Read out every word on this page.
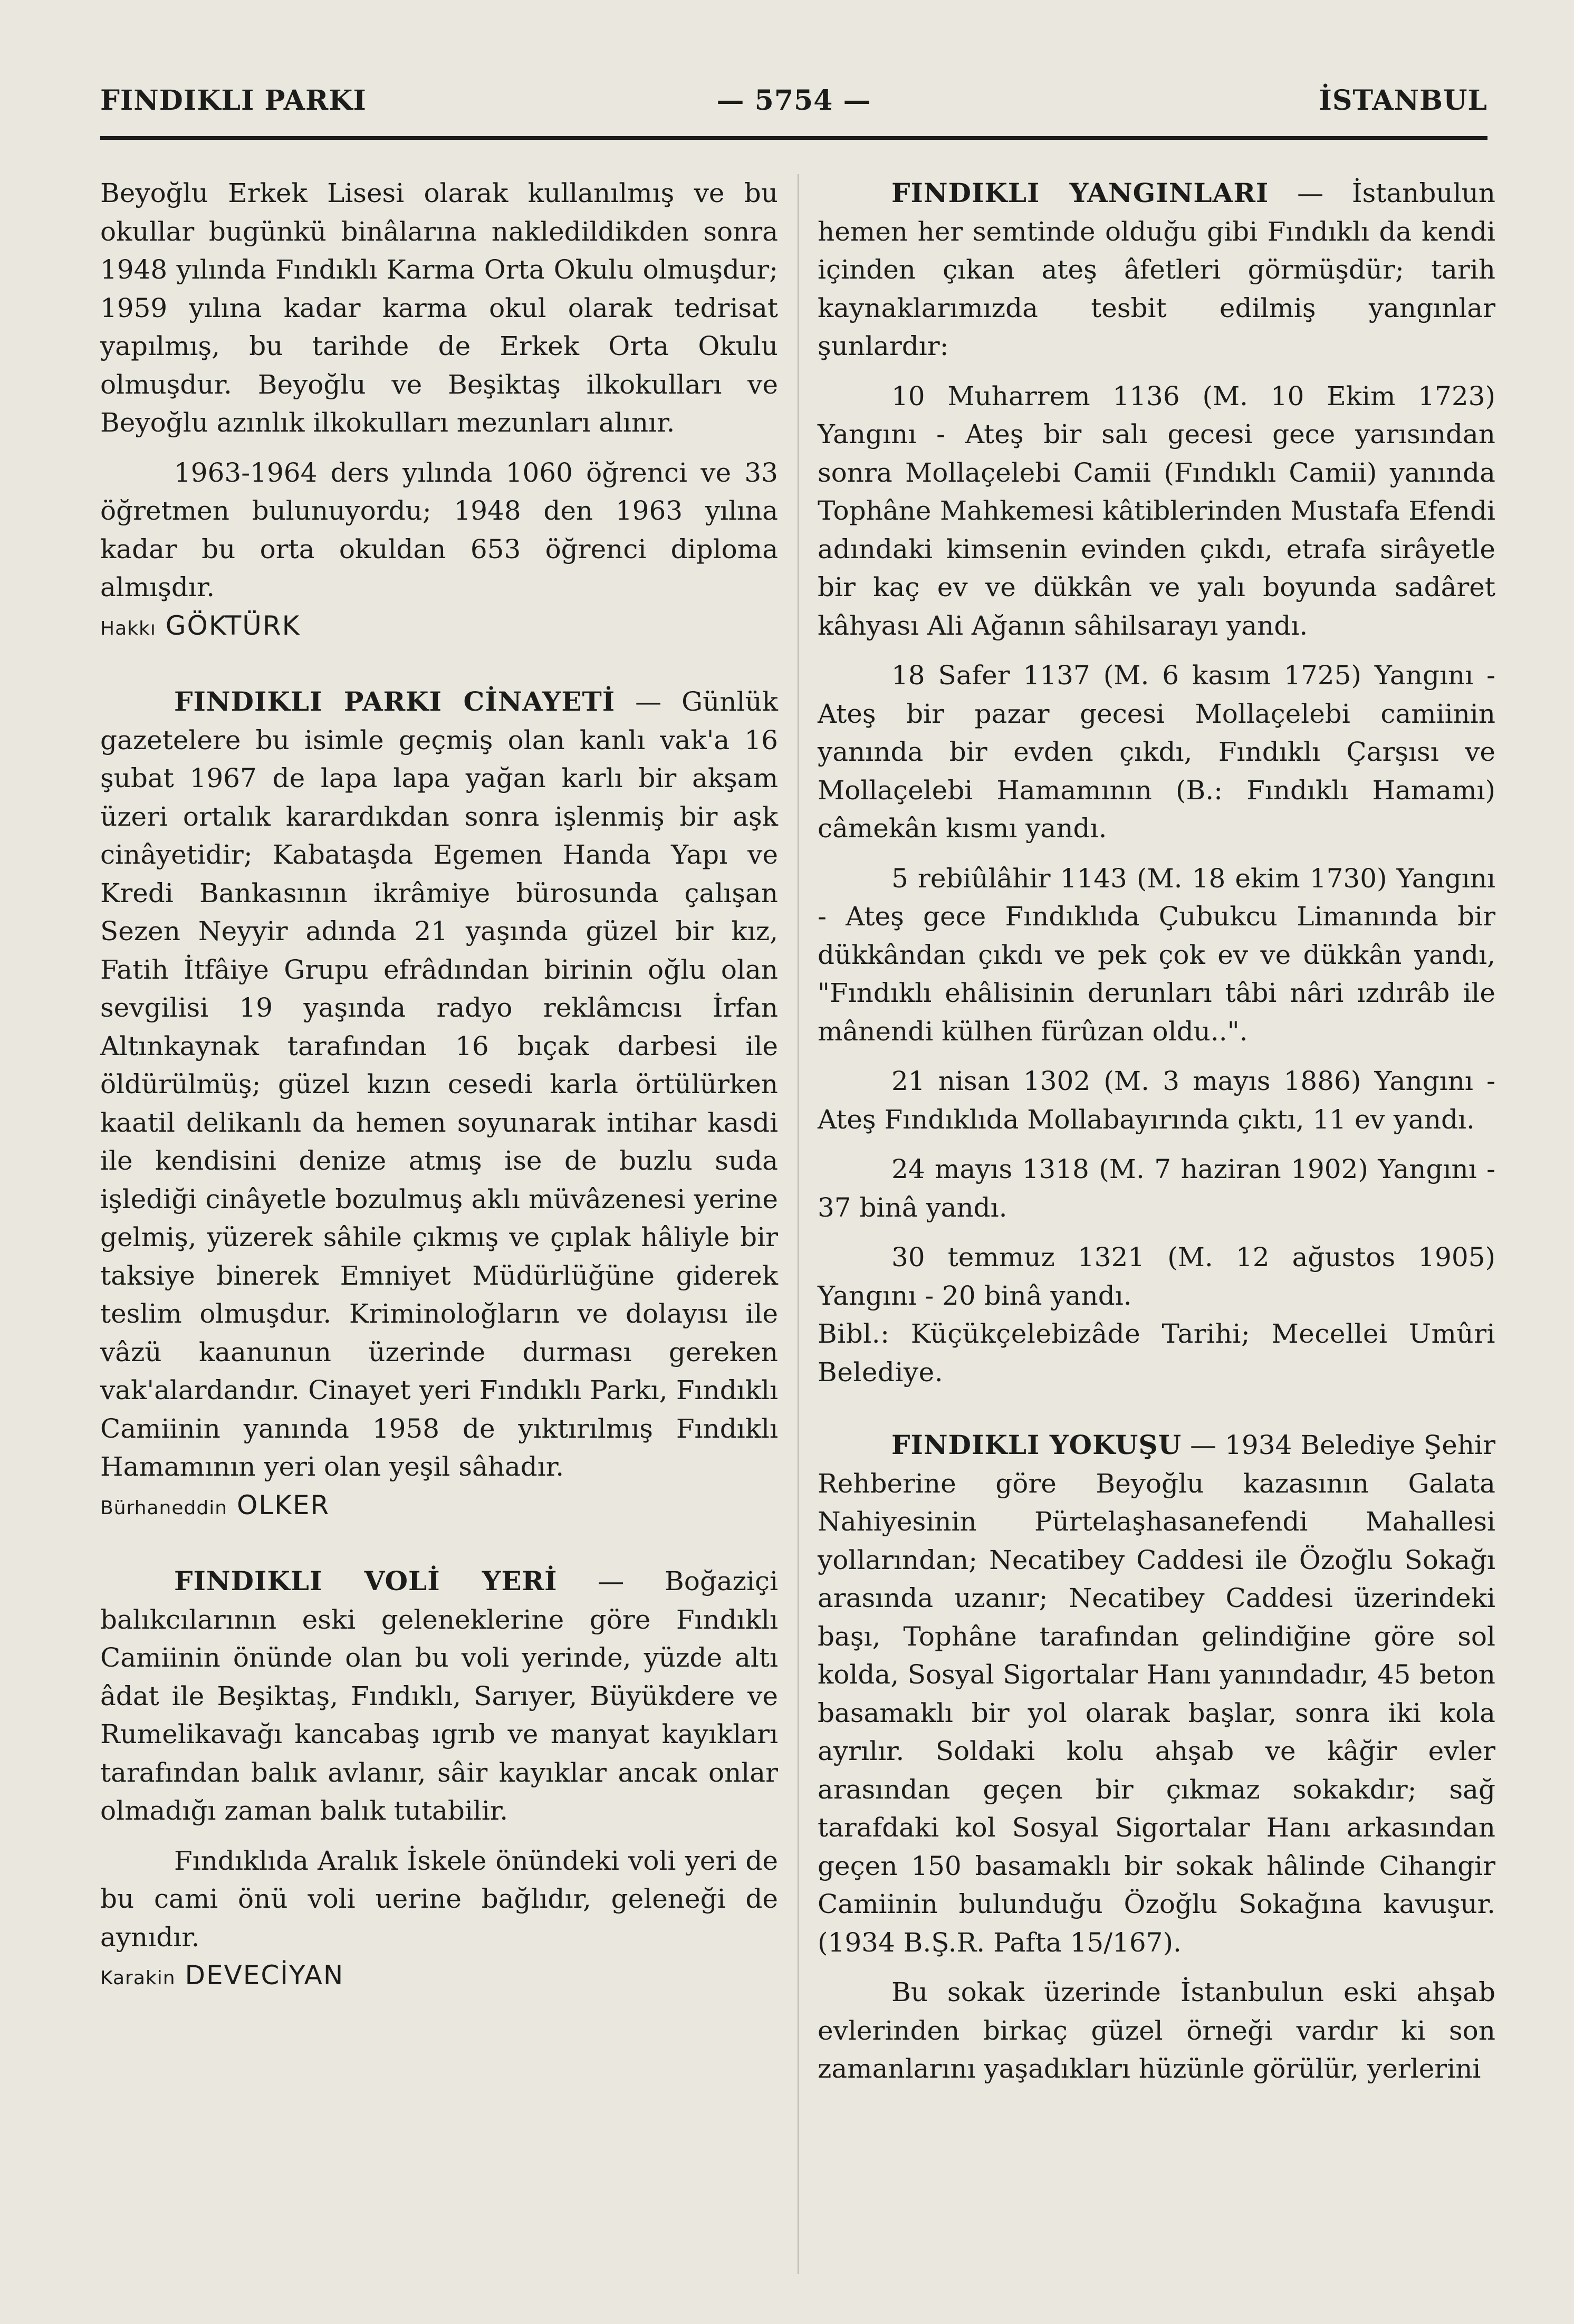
FINDIKLI PARKI	— 5754 —	İSTANBUL

Beyoğlu Erkek Lisesi olarak kullanılmış ve bu okullar bugünkü binâlarına nakledildikden sonra 1948 yılında Fındıklı Karma Orta Okulu olmuşdur; 1959 yılına kadar karma okul olarak tedrisat yapılmış, bu tarihde de Erkek Orta Okulu olmuşdur. Beyoğlu ve Beşiktaş ilkokulları ve Beyoğlu azınlık ilkokulları mezunları alınır.

1963-1964 ders yılında 1060 öğrenci ve 33 öğretmen bulunuyordu; 1948 den 1963 yılına kadar bu orta okuldan 653 öğrenci diploma almışdır.

Hakkı GÖKTÜRK

FINDIKLI PARKI CİNAYETİ — Günlük gazetelere bu isimle geçmiş olan kanlı vak'a 16 şubat 1967 de lapa lapa yağan karlı bir akşam üzeri ortalık karardıkdan sonra işlenmiş bir aşk cinâyetidir; Kabataşda Egemen Handa Yapı ve Kredi Bankasının ikrâmiye bürosunda çalışan Sezen Neyyir adında 21 yaşında güzel bir kız, Fatih İtfâiye Grupu efrâdından birinin oğlu olan sevgilisi 19 yaşında radyo reklâmcısı İrfan Altınkaynak tarafından 16 bıçak darbesi ile öldürülmüş; güzel kızın cesedi karla örtülürken kaatil delikanlı da hemen soyunarak intihar kasdi ile kendisini denize atmış ise de buzlu suda işlediği cinâyetle bozulmuş aklı müvâzenesi yerine gelmiş, yüzerek sâhile çıkmış ve çıplak hâliyle bir taksiye binerek Emniyet Müdürlüğüne giderek teslim olmuşdur. Kriminoloğların ve dolayısı ile vâzü kaanunun üzerinde durması gereken vak'alardandır. Cinayet yeri Fındıklı Parkı, Fındıklı Camiinin yanında 1958 de yıktırılmış Fındıklı Hamamının yeri olan yeşil sâhadır.

Bürhaneddin OLKER

FINDIKLI VOLİ YERİ — Boğaziçi balıkcılarının eski geleneklerine göre Fındıklı Camiinin önünde olan bu voli yerinde, yüzde altı âdat ile Beşiktaş, Fındıklı, Sarıyer, Büyükdere ve Rumelikavağı kancabaş ıgrıb ve manyat kayıkları tarafından balık avlanır, sâir kayıklar ancak onlar olmadığı zaman balık tutabilir.

Fındıklıda Aralık İskele önündeki voli yeri de bu cami önü voli uerine bağlıdır, geleneği de aynıdır.

Karakin DEVECİYAN

FINDIKLI YANGINLARI — İstanbulun hemen her semtinde olduğu gibi Fındıklı da kendi içinden çıkan ateş âfetleri görmüşdür; tarih kaynaklarımızda tesbit edilmiş yangınlar şunlardır:

10 Muharrem 1136 (M. 10 Ekim 1723) Yangını - Ateş bir salı gecesi gece yarısından sonra Mollaçelebi Camii (Fındıklı Camii) yanında Tophâne Mahkemesi kâtiblerinden Mustafa Efendi adındaki kimsenin evinden çıkdı, etrafa sirâyetle bir kaç ev ve dükkân ve yalı boyunda sadâret kâhyası Ali Ağanın sâhilsarayı yandı.

18 Safer 1137 (M. 6 kasım 1725) Yangını - Ateş bir pazar gecesi Mollaçelebi camiinin yanında bir evden çıkdı, Fındıklı Çarşısı ve Mollaçelebi Hamamının (B.: Fındıklı Hamamı) câmekân kısmı yandı.

5 rebiûlâhir 1143 (M. 18 ekim 1730) Yangını - Ateş gece Fındıklıda Çubukcu Limanında bir dükkândan çıkdı ve pek çok ev ve dükkân yandı, "Fındıklı ehâlisinin derunları tâbi nâri ızdırâb ile mânendi külhen fürûzan oldu..".

21 nisan 1302 (M. 3 mayıs 1886) Yangını - Ateş Fındıklıda Mollabayırında çıktı, 11 ev yandı.

24 mayıs 1318 (M. 7 haziran 1902) Yangını - 37 binâ yandı.

30 temmuz 1321 (M. 12 ağustos 1905) Yangını - 20 binâ yandı.

Bibl.: Küçükçelebizâde Tarihi; Mecellei Umûri Belediye.

FINDIKLI YOKUŞU — 1934 Belediye Şehir Rehberine göre Beyoğlu kazasının Galata Nahiyesinin Pürtelaşhasanefendi Mahallesi yollarından; Necatibey Caddesi ile Özoğlu Sokağı arasında uzanır; Necatibey Caddesi üzerindeki başı, Tophâne tarafından gelindiğine göre sol kolda, Sosyal Sigortalar Hanı yanındadır, 45 beton basamaklı bir yol olarak başlar, sonra iki kola ayrılır. Soldaki kolu ahşab ve kâğir evler arasından geçen bir çıkmaz sokakdır; sağ tarafdaki kol Sosyal Sigortalar Hanı arkasından geçen 150 basamaklı bir sokak hâlinde Cihangir Camiinin bulunduğu Özoğlu Sokağına kavuşur. (1934 B.Ş.R. Pafta 15/167).

Bu sokak üzerinde İstanbulun eski ahşab evlerinden birkaç güzel örneği vardır ki son zamanlarını yaşadıkları hüzünle görülür, yerlerini
